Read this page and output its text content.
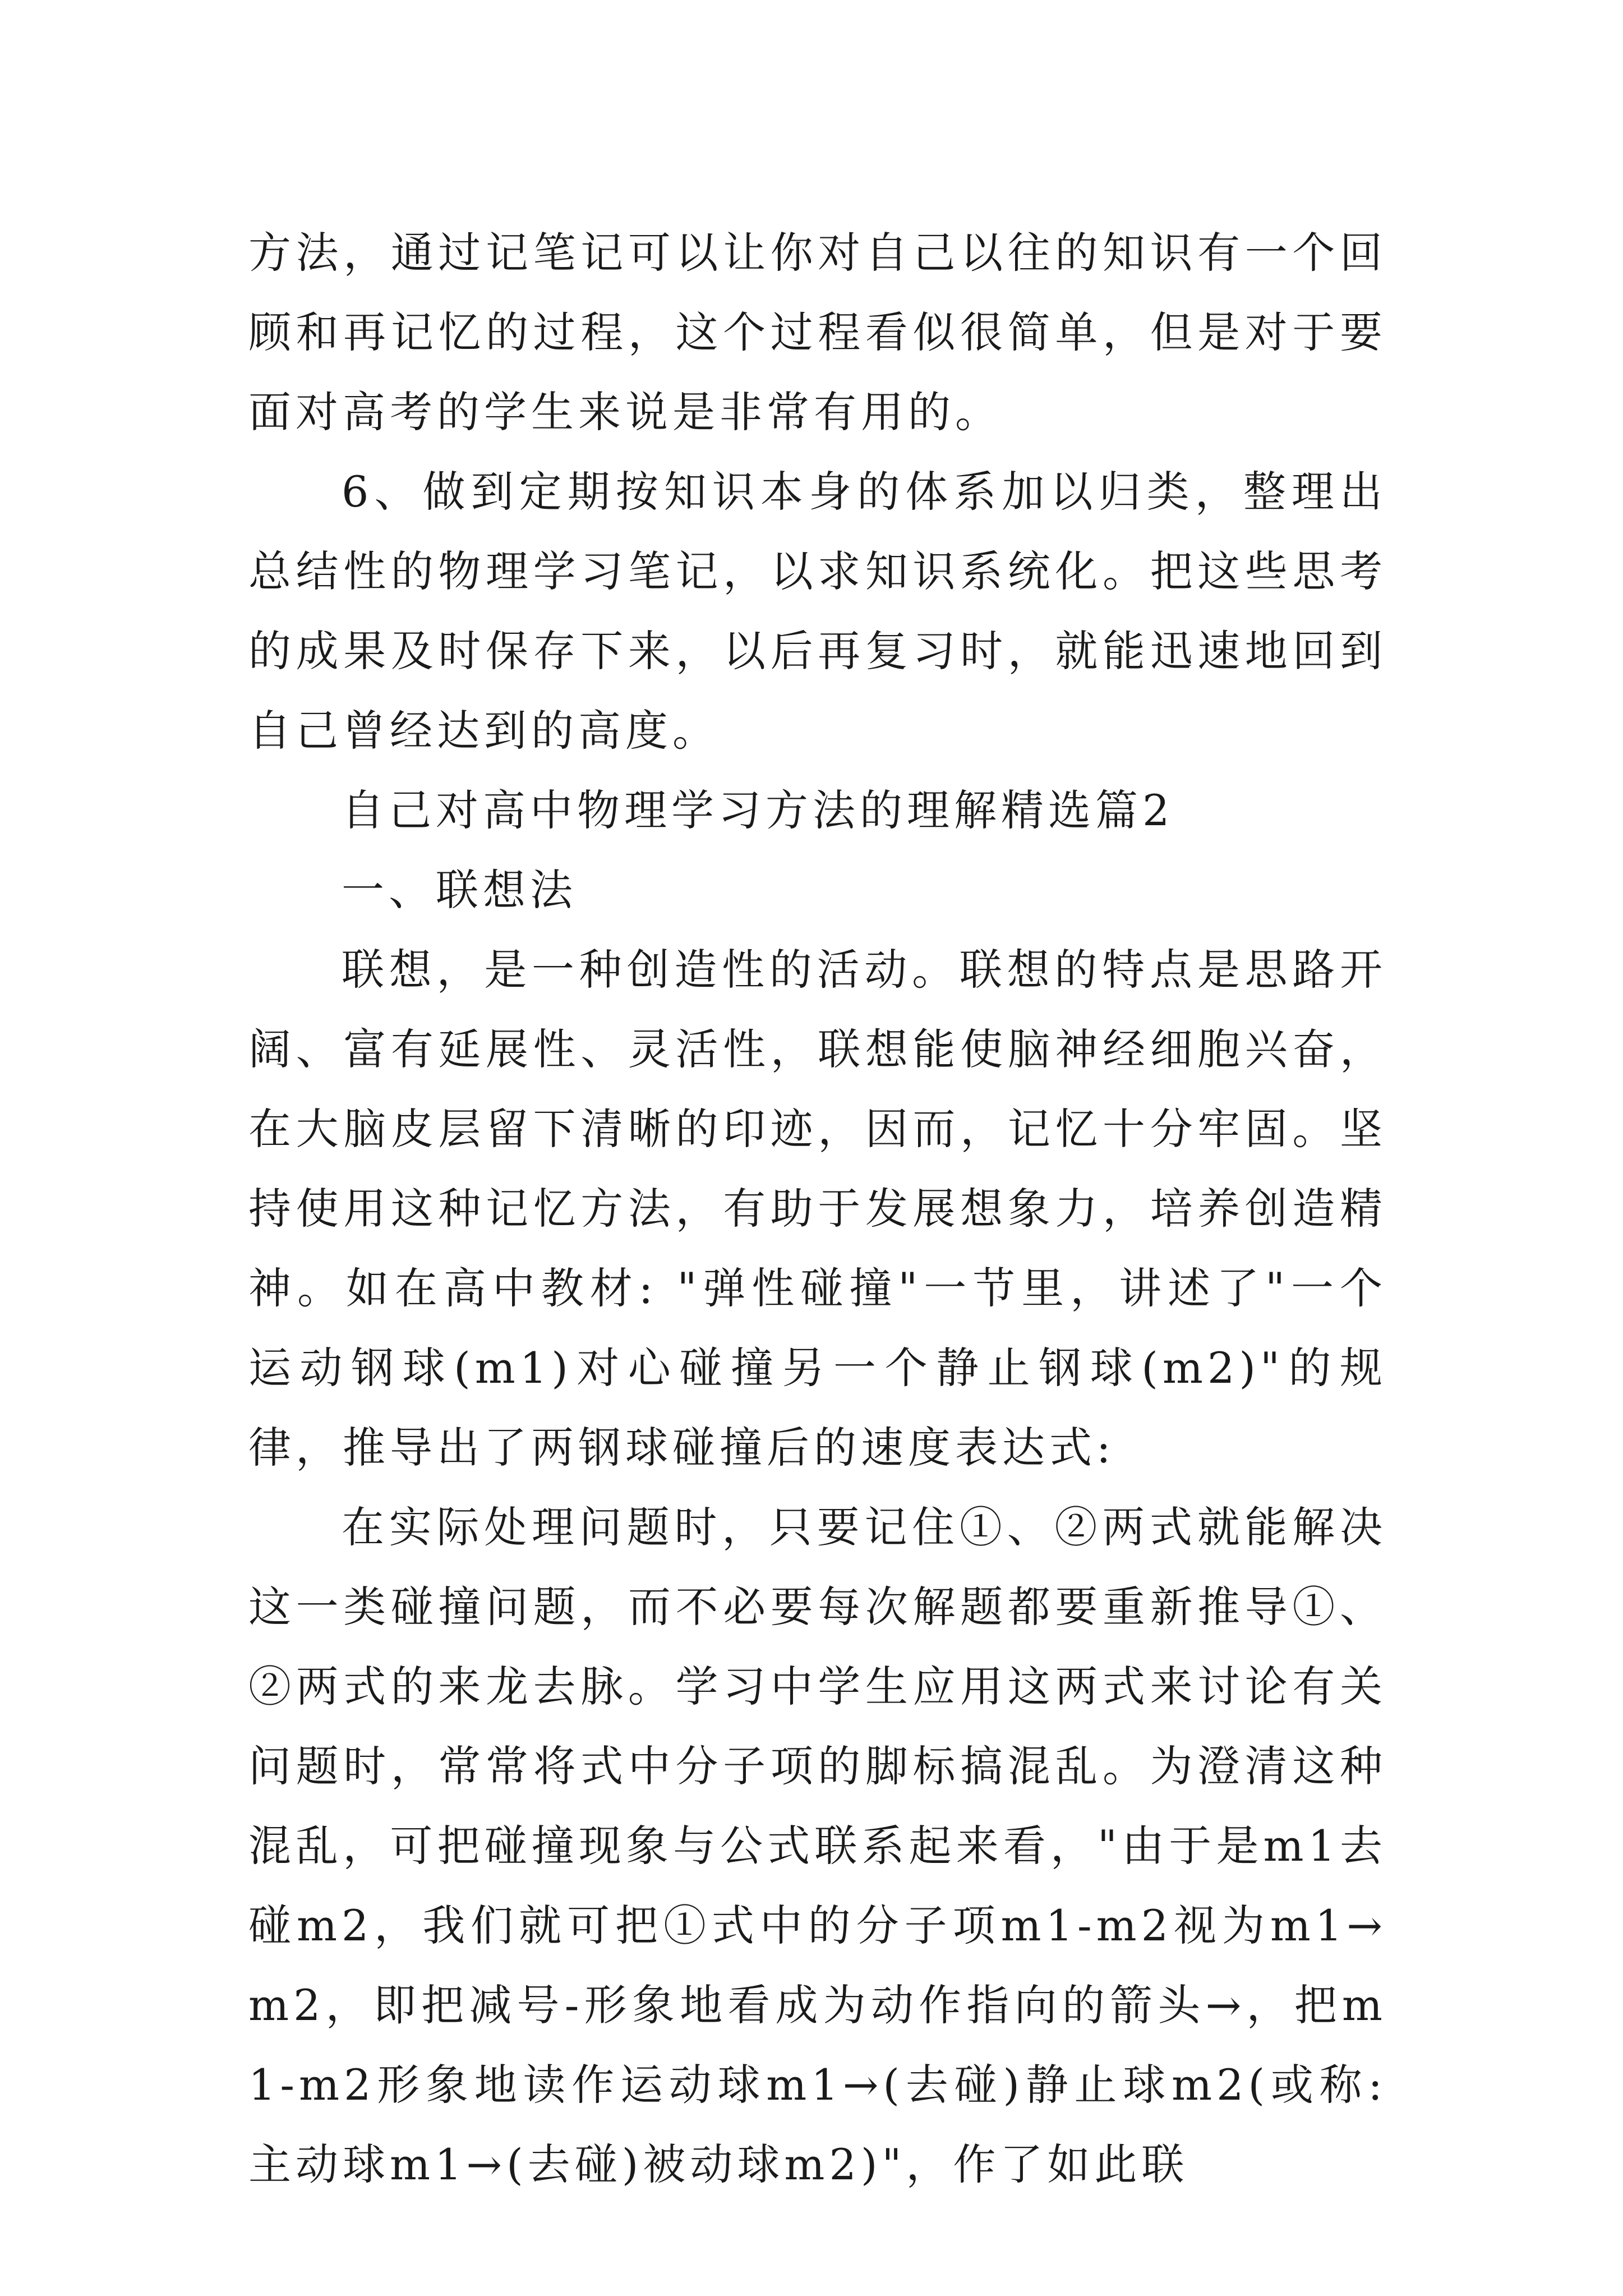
方法，通过记笔记可以让你对自己以往的知识有一个回顾和再记忆的过程，这个过程看似很简单，但是对于要面对高考的学生来说是非常有用的。

6、做到定期按知识本身的体系加以归类，整理出总结性的物理学习笔记，以求知识系统化。把这些思考的成果及时保存下来，以后再复习时，就能迅速地回到自己曾经达到的高度。

自己对高中物理学习方法的理解精选篇2

一、联想法

联想，是一种创造性的活动。联想的特点是思路开阔、富有延展性、灵活性，联想能使脑神经细胞兴奋，在大脑皮层留下清晰的印迹，因而，记忆十分牢固。坚持使用这种记忆方法，有助于发展想象力，培养创造精神。如在高中教材: "弹性碰撞"一节里，讲述了"一个运动钢球(m1)对心碰撞另一个静止钢球(m2)"的规律，推导出了两钢球碰撞后的速度表达式:

在实际处理问题时，只要记住①、②两式就能解决这一类碰撞问题，而不必要每次解题都要重新推导①、②两式的来龙去脉。学习中学生应用这两式来讨论有关问题时，常常将式中分子项的脚标搞混乱。为澄清这种混乱，可把碰撞现象与公式联系起来看，"由于是m1去碰m2，我们就可把①式中的分子项m1-m2视为m1→m2，即把减号-形象地看成为动作指向的箭头→，把m1-m2形象地读作运动球m1→(去碰)静止球m2(或称: 主动球m1→(去碰)被动球m2)"，作了如此联
